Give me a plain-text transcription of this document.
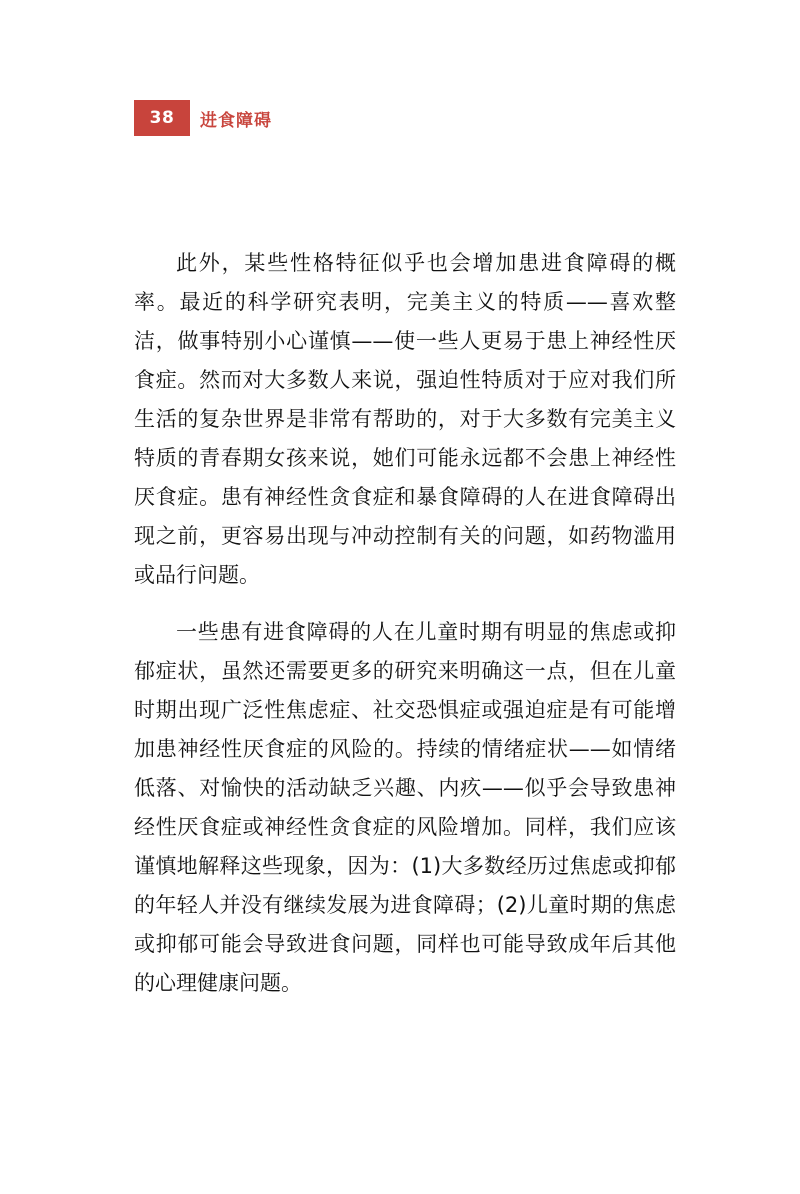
38	进食障碍

此外，某些性格特征似乎也会增加患进食障碍的概率。最近的科学研究表明，完美主义的特质——喜欢整洁，做事特别小心谨慎——使一些人更易于患上神经性厌食症。然而对大多数人来说，强迫性特质对于应对我们所生活的复杂世界是非常有帮助的，对于大多数有完美主义特质的青春期女孩来说，她们可能永远都不会患上神经性厌食症。患有神经性贪食症和暴食障碍的人在进食障碍出现之前，更容易出现与冲动控制有关的问题，如药物滥用或品行问题。

一些患有进食障碍的人在儿童时期有明显的焦虑或抑郁症状，虽然还需要更多的研究来明确这一点，但在儿童时期出现广泛性焦虑症、社交恐惧症或强迫症是有可能增加患神经性厌食症的风险的。持续的情绪症状——如情绪低落、对愉快的活动缺乏兴趣、内疚——似乎会导致患神经性厌食症或神经性贪食症的风险增加。同样，我们应该谨慎地解释这些现象，因为：(1)大多数经历过焦虑或抑郁的年轻人并没有继续发展为进食障碍；(2)儿童时期的焦虑或抑郁可能会导致进食问题，同样也可能导致成年后其他的心理健康问题。
